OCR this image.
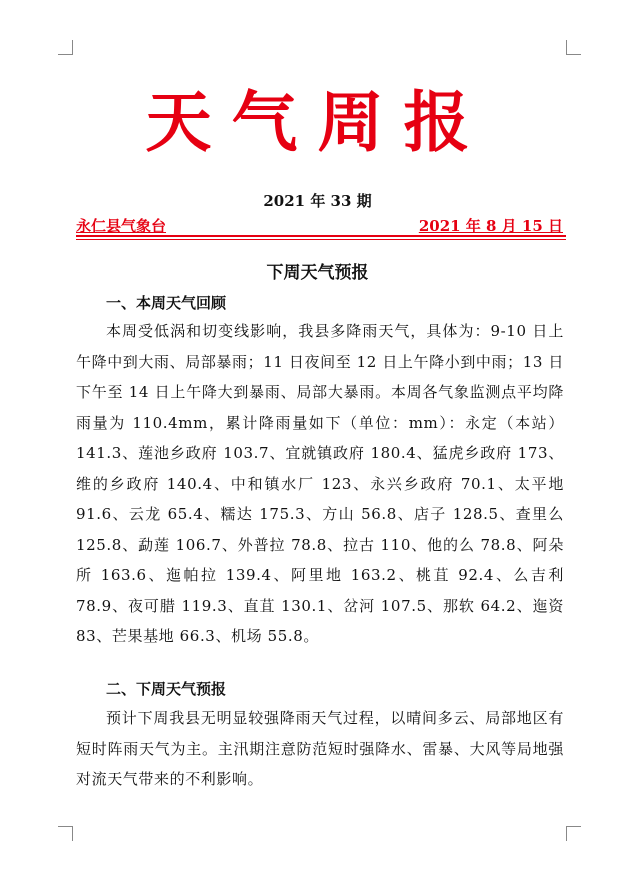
天气周报
2021 年 33 期
永仁县气象台	2021 年 8 月 15 日
下周天气预报
一、本周天气回顾
本周受低涡和切变线影响，我县多降雨天气，具体为：9-10 日上午降中到大雨、局部暴雨；11 日夜间至 12 日上午降小到中雨；13 日下午至 14 日上午降大到暴雨、局部大暴雨。本周各气象监测点平均降雨量为 110.4mm，累计降雨量如下（单位：mm）：永定（本站）141.3、莲池乡政府 103.7、宜就镇政府 180.4、猛虎乡政府 173、维的乡政府 140.4、中和镇水厂 123、永兴乡政府 70.1、太平地 91.6、云龙 65.4、糯达 175.3、方山 56.8、店子 128.5、查里么 125.8、勐莲 106.7、外普拉 78.8、拉古 110、他的么 78.8、阿朵所 163.6、迤帕拉 139.4、阿里地 163.2、桃苴 92.4、么吉利 78.9、夜可腊 119.3、直苴 130.1、岔河 107.5、那软 64.2、迤资 83、芒果基地 66.3、机场 55.8。
二、下周天气预报
预计下周我县无明显较强降雨天气过程，以晴间多云、局部地区有短时阵雨天气为主。主汛期注意防范短时强降水、雷暴、大风等局地强对流天气带来的不利影响。
